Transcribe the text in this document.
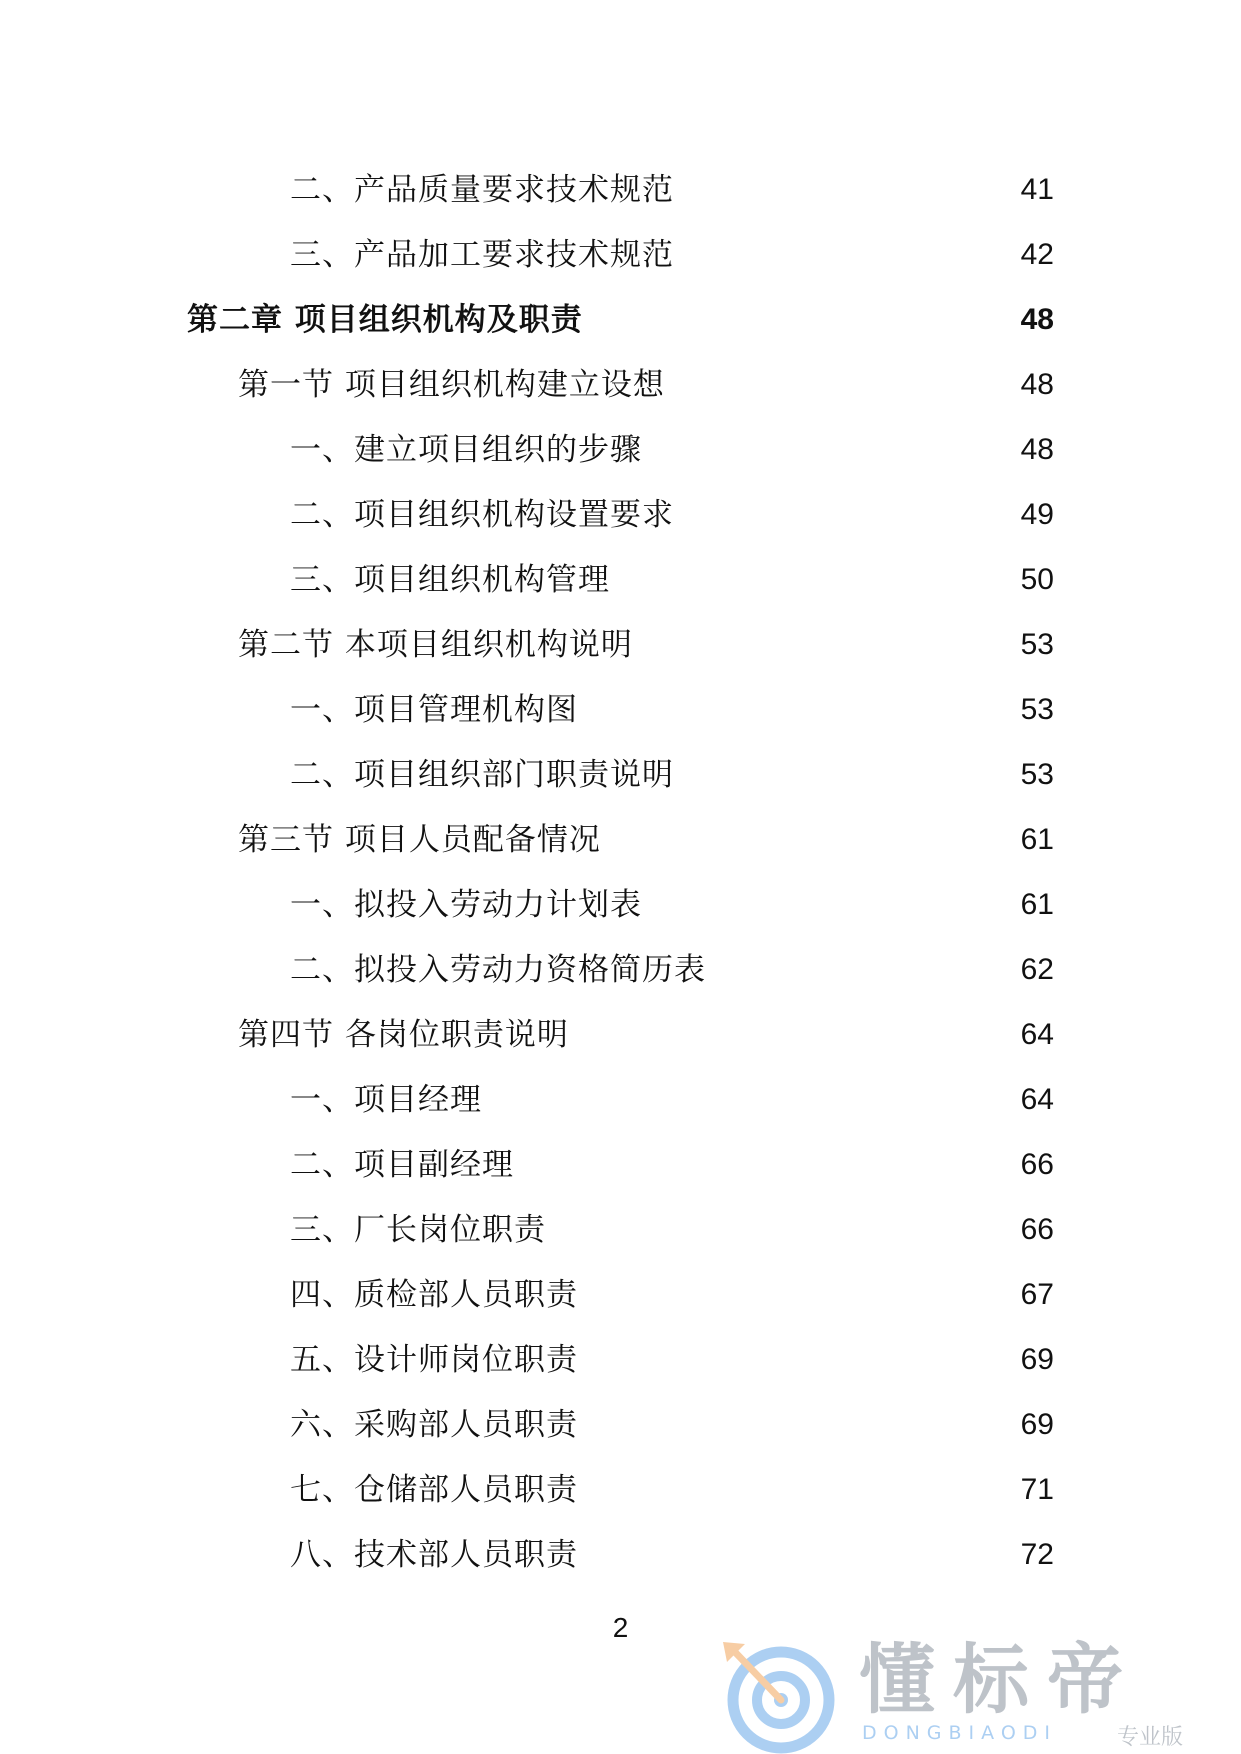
二、产品质量要求技术规范	41
三、产品加工要求技术规范	42
第二章 项目组织机构及职责	48
第一节 项目组织机构建立设想	48
一、建立项目组织的步骤	48
二、项目组织机构设置要求	49
三、项目组织机构管理	50
第二节 本项目组织机构说明	53
一、项目管理机构图	53
二、项目组织部门职责说明	53
第三节 项目人员配备情况	61
一、拟投入劳动力计划表	61
二、拟投入劳动力资格简历表	62
第四节 各岗位职责说明	64
一、项目经理	64
二、项目副经理	66
三、厂长岗位职责	66
四、质检部人员职责	67
五、设计师岗位职责	69
六、采购部人员职责	69
七、仓储部人员职责	71
八、技术部人员职责	72
2
懂标帝
DONGBIAODI	专业版
